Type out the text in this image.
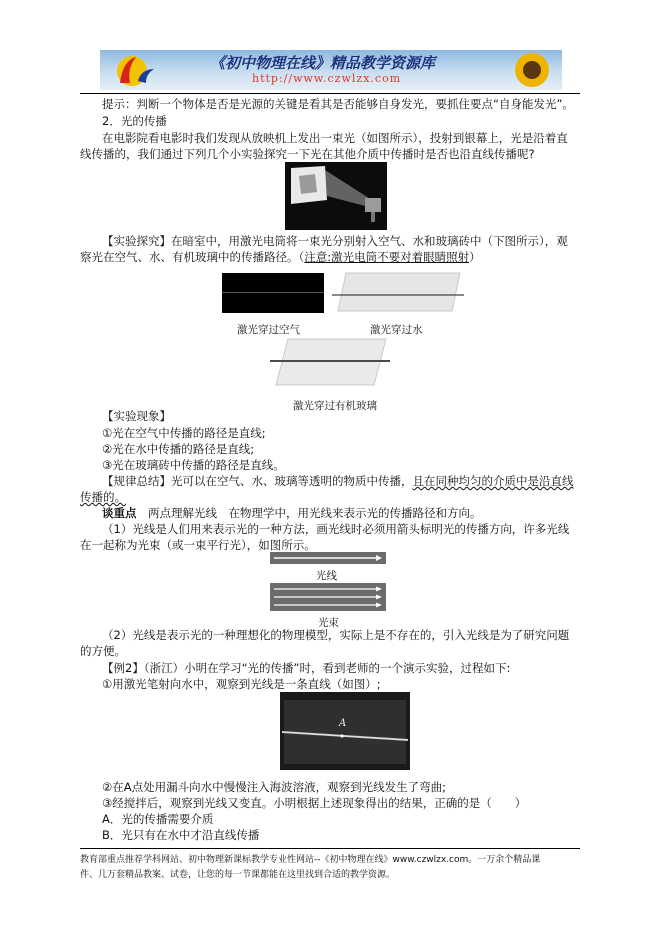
《初中物理在线》精品教学资源库
http://www.czwlzx.com
提示：判断一个物体是否是光源的关键是看其是否能够自身发光，要抓住要点“自身能发光”。
2．光的传播
在电影院看电影时我们发现从放映机上发出一束光（如图所示），投射到银幕上，光是沿着直
线传播的，我们通过下列几个小实验探究一下光在其他介质中传播时是否也沿直线传播呢?
【实验探究】在暗室中，用激光电筒将一束光分别射入空气、水和玻璃砖中（下图所示），观
察光在空气、水、有机玻璃中的传播路径。（注意:激光电筒不要对着眼睛照射）
激光穿过空气	激光穿过水
激光穿过有机玻璃
【实验现象】
①光在空气中传播的路径是直线;
②光在水中传播的路径是直线;
③光在玻璃砖中传播的路径是直线。
【规律总结】光可以在空气、水、玻璃等透明的物质中传播，且在同种均匀的介质中是沿直线
传播的。
谈重点　 两点理解光线　在物理学中，用光线来表示光的传播路径和方向。
（1）光线是人们用来表示光的一种方法，画光线时必须用箭头标明光的传播方向，许多光线
在一起称为光束（或一束平行光），如图所示。
光线
光束
（2）光线是表示光的一种理想化的物理模型，实际上是不存在的，引入光线是为了研究问题
的方便。
【例2】（浙江）小明在学习“光的传播”时，看到老师的一个演示实验，过程如下:
①用激光笔射向水中，观察到光线是一条直线（如图）;
A
②在A点处用漏斗向水中慢慢注入海波溶液，观察到光线发生了弯曲;
③经搅拌后，观察到光线又变直。小明根据上述现象得出的结果，正确的是（　　）
A．光的传播需要介质
B．光只有在水中才沿直线传播
教育部重点推荐学科网站、初中物理新课标教学专业性网站--《初中物理在线》www.czwlzx.com。一万余个精品课
件、几万套精品教案、试卷，让您的每一节课都能在这里找到合适的教学资源。
